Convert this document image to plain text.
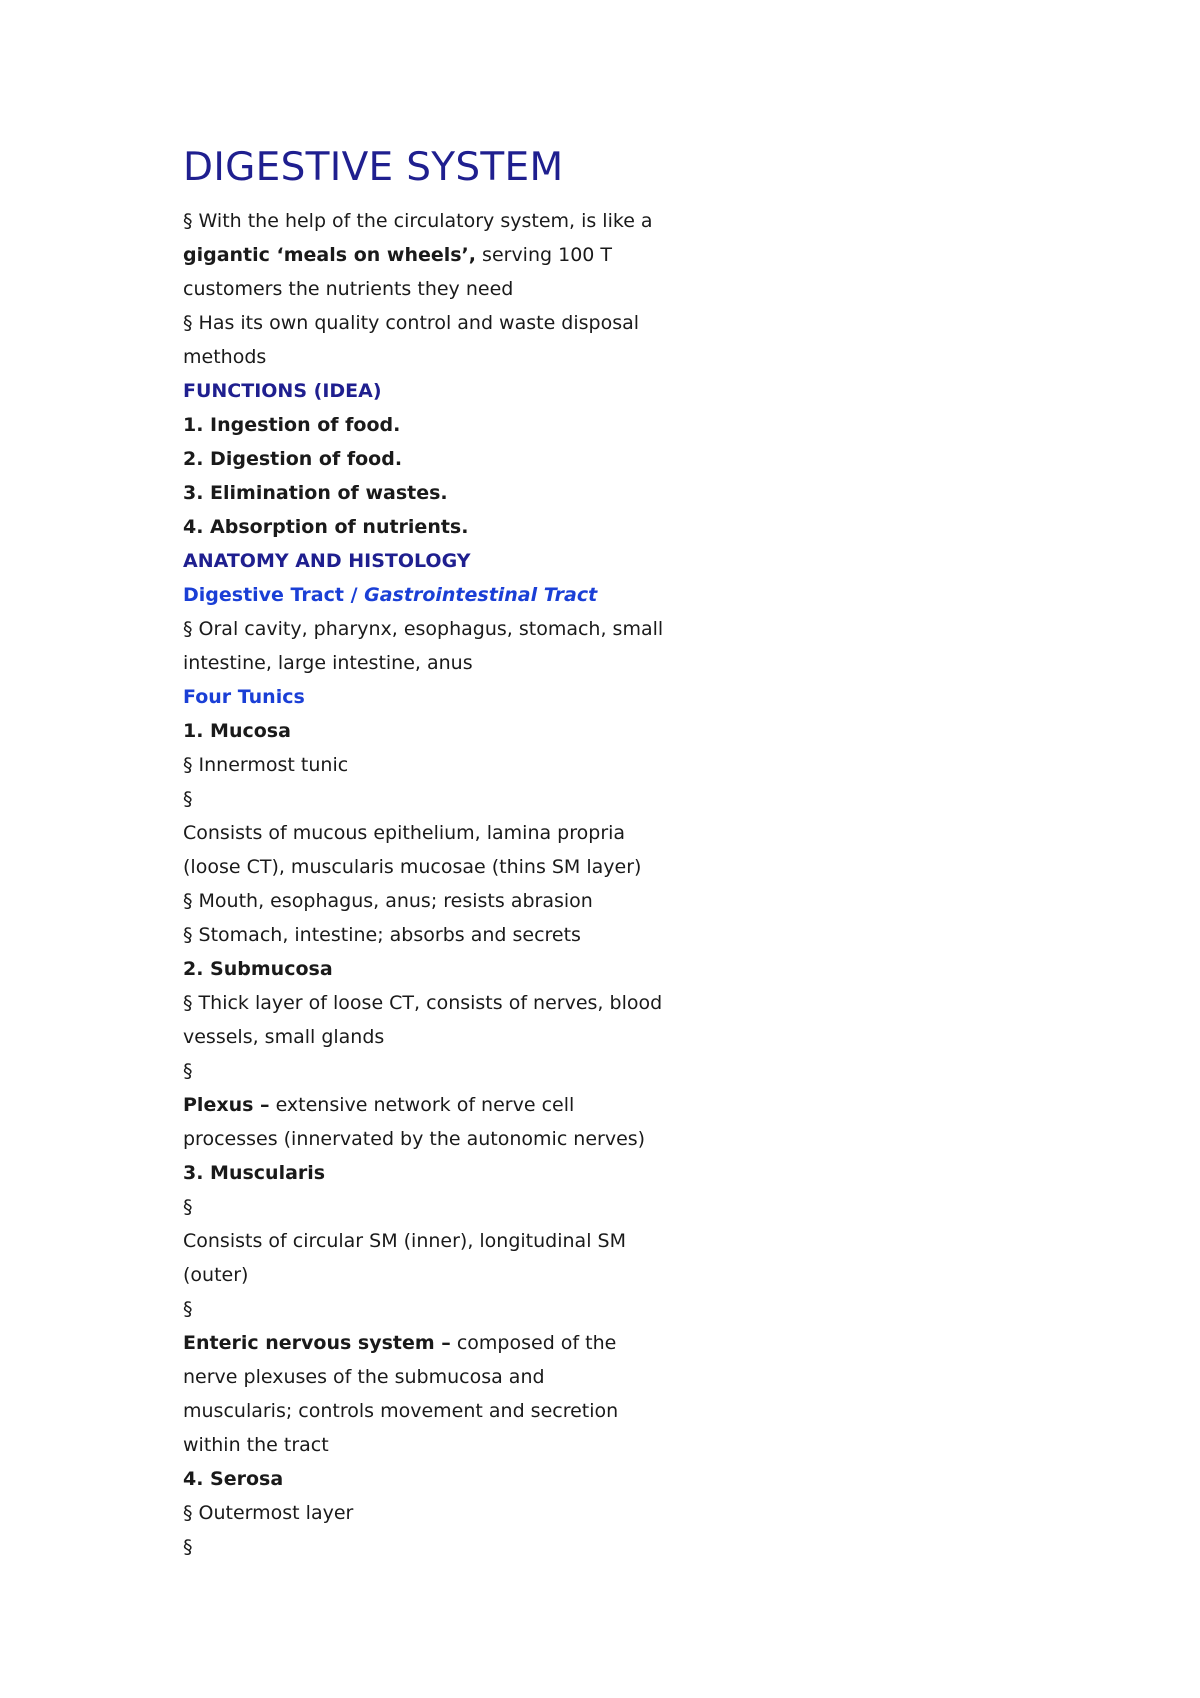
DIGESTIVE SYSTEM
§ With the help of the circulatory system, is like a
gigantic ‘meals on wheels’, serving 100 T
customers the nutrients they need
§ Has its own quality control and waste disposal
methods
FUNCTIONS (IDEA)
1. Ingestion of food.
2. Digestion of food.
3. Elimination of wastes.
4. Absorption of nutrients.
ANATOMY AND HISTOLOGY
Digestive Tract / Gastrointestinal Tract
§ Oral cavity, pharynx, esophagus, stomach, small
intestine, large intestine, anus
Four Tunics
1. Mucosa
§ Innermost tunic
§
Consists of mucous epithelium, lamina propria
(loose CT), muscularis mucosae (thins SM layer)
§ Mouth, esophagus, anus; resists abrasion
§ Stomach, intestine; absorbs and secrets
2. Submucosa
§ Thick layer of loose CT, consists of nerves, blood
vessels, small glands
§
Plexus – extensive network of nerve cell
processes (innervated by the autonomic nerves)
3. Muscularis
§
Consists of circular SM (inner), longitudinal SM
(outer)
§
Enteric nervous system – composed of the
nerve plexuses of the submucosa and
muscularis; controls movement and secretion
within the tract
4. Serosa
§ Outermost layer
§
